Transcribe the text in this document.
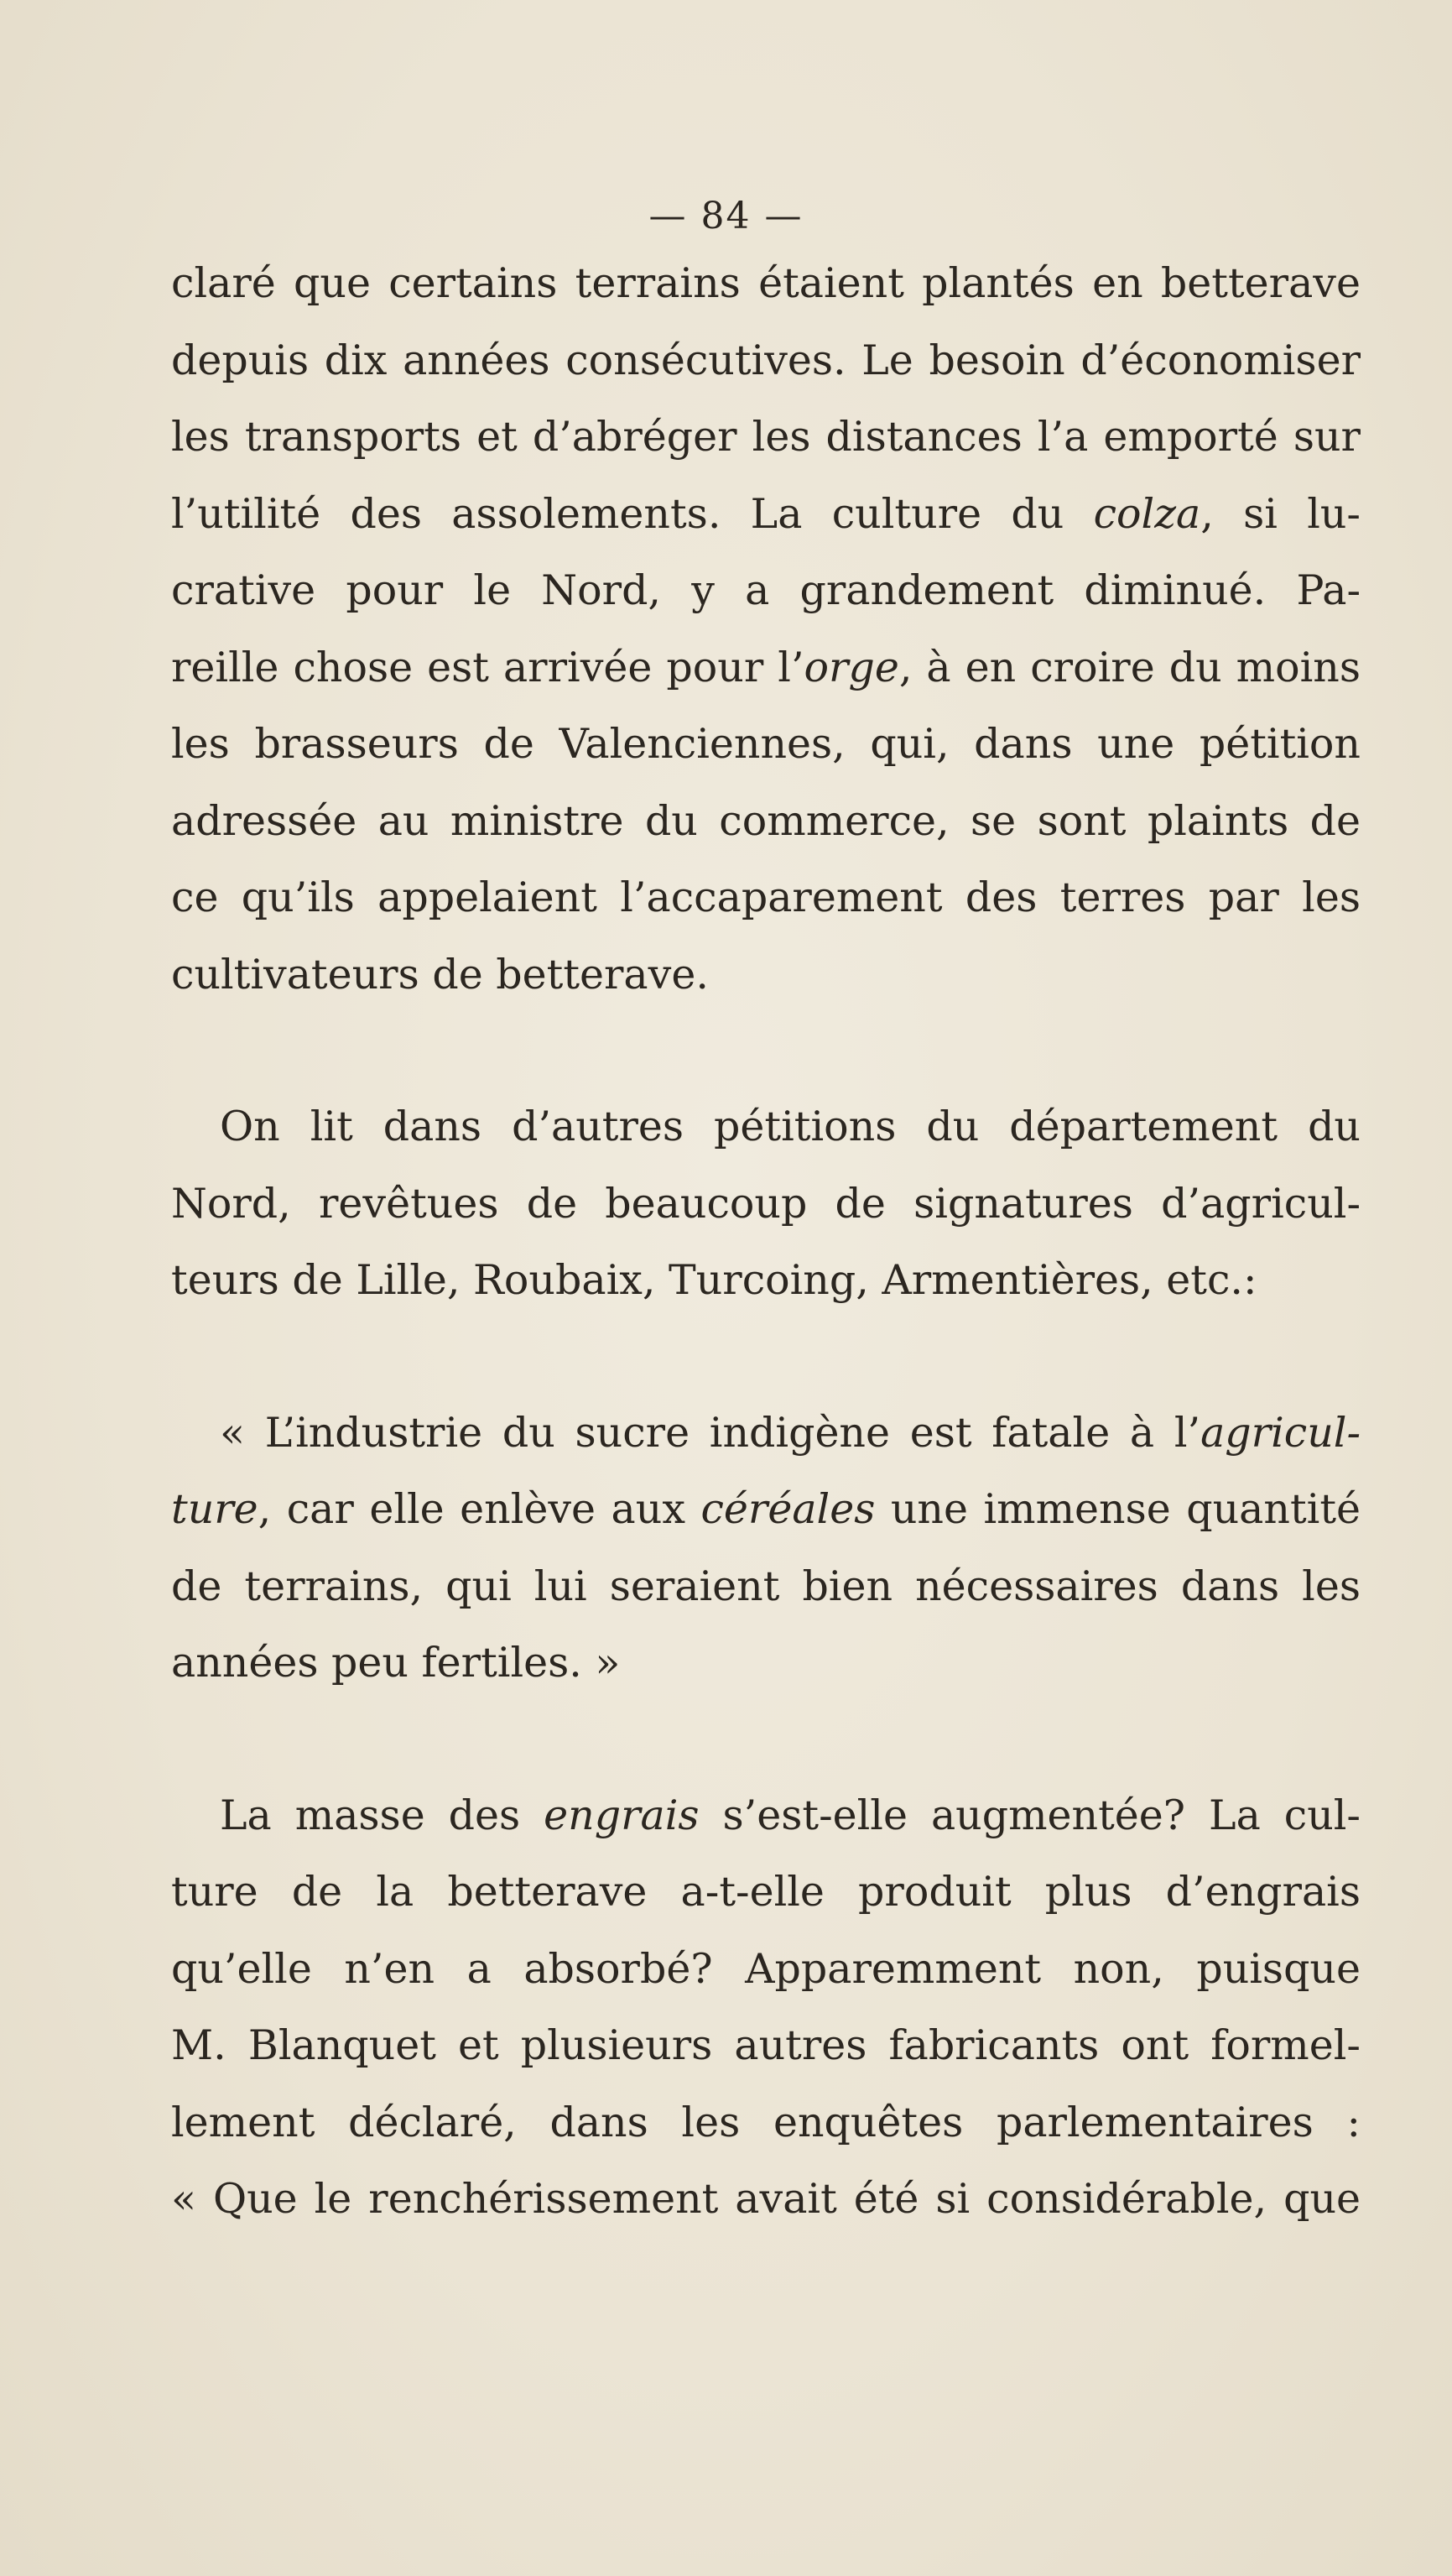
— 84 —
claré que certains terrains étaient plantés en betterave
depuis dix années consécutives. Le besoin d’économiser
les transports et d’abréger les distances l’a emporté sur
l’utilité des assolements. La culture du colza, si lu-
crative pour le Nord, y a grandement diminué. Pa-
reille chose est arrivée pour l’orge, à en croire du moins
les brasseurs de Valenciennes, qui, dans une pétition
adressée au ministre du commerce, se sont plaints de
ce qu’ils appelaient l’accaparement des terres par les
cultivateurs de betterave.
On lit dans d’autres pétitions du département du
Nord, revêtues de beaucoup de signatures d’agricul-
teurs de Lille, Roubaix, Turcoing, Armentières, etc.:
« L’industrie du sucre indigène est fatale à l’agricul-
ture, car elle enlève aux céréales une immense quantité
de terrains, qui lui seraient bien nécessaires dans les
années peu fertiles. »
La masse des engrais s’est-elle augmentée? La cul-
ture de la betterave a-t-elle produit plus d’engrais
qu’elle n’en a absorbé? Apparemment non, puisque
M. Blanquet et plusieurs autres fabricants ont formel-
lement déclaré, dans les enquêtes parlementaires :
« Que le renchérissement avait été si considérable, que
